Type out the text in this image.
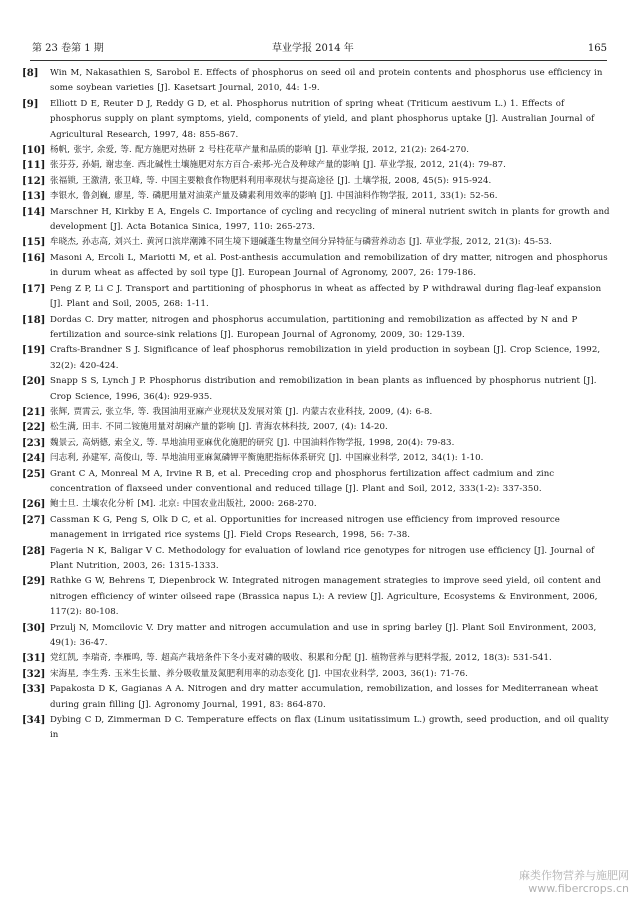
第 23 卷第 1 期	草业学报 2014 年	165
[8]	Win M, Nakasathien S, Sarobol E. Effects of phosphorus on seed oil and protein contents and phosphorus use efficiency in some soybean varieties [J]. Kasetsart Journal, 2010, 44: 1-9.
[9]	Elliott D E, Reuter D J, Reddy G D, et al. Phosphorus nutrition of spring wheat (Triticum aestivum L.) 1. Effects of phosphorus supply on plant symptoms, yield, components of yield, and plant phosphorus uptake [J]. Australian Journal of Agricultural Research, 1997, 48: 855-867.
[10] 杨帆, 张宇, 余爱, 等. 配方施肥对热研 2 号柱花草产量和品质的影响 [J]. 草业学报, 2012, 21(2): 264-270.
[11] 张芬芬, 孙娟, 谢忠奎. 西北碱性土壤施肥对东方百合-索邦-光合及种球产量的影响 [J]. 草业学报, 2012, 21(4): 79-87.
[12] 张福锁, 王激清, 张卫峰, 等. 中国主要粮食作物肥料利用率现状与提高途径 [J]. 土壤学报, 2008, 45(5): 915-924.
[13] 李银水, 鲁剑巍, 廖星, 等. 磷肥用量对油菜产量及磷素利用效率的影响 [J]. 中国油料作物学报, 2011, 33(1): 52-56.
[14] Marschner H, Kirkby E A, Engels C. Importance of cycling and recycling of mineral nutrient switch in plants for growth and development [J]. Acta Botanica Sinica, 1997, 110: 265-273.
[15] 牟晓杰, 孙志高, 刘兴土. 黄河口滨岸潮滩不同生境下翅碱蓬生物量空间分异特征与磷营养动态 [J]. 草业学报, 2012, 21(3): 45-53.
[16] Masoni A, Ercoli L, Mariotti M, et al. Post-anthesis accumulation and remobilization of dry matter, nitrogen and phosphorus in durum wheat as affected by soil type [J]. European Journal of Agronomy, 2007, 26: 179-186.
[17] Peng Z P, Li C J. Transport and partitioning of phosphorus in wheat as affected by P withdrawal during flag-leaf expansion [J]. Plant and Soil, 2005, 268: 1-11.
[18] Dordas C. Dry matter, nitrogen and phosphorus accumulation, partitioning and remobilization as affected by N and P fertilization and source-sink relations [J]. European Journal of Agronomy, 2009, 30: 129-139.
[19] Crafts-Brandner S J. Significance of leaf phosphorus remobilization in yield production in soybean [J]. Crop Science, 1992, 32(2): 420-424.
[20] Snapp S S, Lynch J P. Phosphorus distribution and remobilization in bean plants as influenced by phosphorus nutrient [J]. Crop Science, 1996, 36(4): 929-935.
[21] 张辉, 贾霄云, 张立华, 等. 我国油用亚麻产业现状及发展对策 [J]. 内蒙古农业科技, 2009, (4): 6-8.
[22] 松生满, 田丰. 不同二铵施用量对胡麻产量的影响 [J]. 青海农林科技, 2007, (4): 14-20.
[23] 魏景云, 高炳德, 索全义, 等. 旱地油用亚麻优化施肥的研究 [J]. 中国油料作物学报, 1998, 20(4): 79-83.
[24] 闫志利, 孙建军, 高俊山, 等. 旱地油用亚麻氮磷钾平衡施肥指标体系研究 [J]. 中国麻业科学, 2012, 34(1): 1-10.
[25] Grant C A, Monreal M A, Irvine R B, et al. Preceding crop and phosphorus fertilization affect cadmium and zinc concentration of flaxseed under conventional and reduced tillage [J]. Plant and Soil, 2012, 333(1-2): 337-350.
[26] 鲍士旦. 土壤农化分析 [M]. 北京: 中国农业出版社, 2000: 268-270.
[27] Cassman K G, Peng S, Olk D C, et al. Opportunities for increased nitrogen use efficiency from improved resource management in irrigated rice systems [J]. Field Crops Research, 1998, 56: 7-38.
[28] Fageria N K, Baligar V C. Methodology for evaluation of lowland rice genotypes for nitrogen use efficiency [J]. Journal of Plant Nutrition, 2003, 26: 1315-1333.
[29] Rathke G W, Behrens T, Diepenbrock W. Integrated nitrogen management strategies to improve seed yield, oil content and nitrogen efficiency of winter oilseed rape (Brassica napus L): A review [J]. Agriculture, Ecosystems & Environment, 2006, 117(2): 80-108.
[30] Przulj N, Momcilovic V. Dry matter and nitrogen accumulation and use in spring barley [J]. Plant Soil Environment, 2003, 49(1): 36-47.
[31] 党红凯, 李瑞奇, 李雁鸣, 等. 超高产栽培条件下冬小麦对磷的吸收、积累和分配 [J]. 植物营养与肥料学报, 2012, 18(3): 531-541.
[32] 宋海星, 李生秀. 玉米生长量、养分吸收量及氮肥利用率的动态变化 [J]. 中国农业科学, 2003, 36(1): 71-76.
[33] Papakosta D K, Gagianas A A. Nitrogen and dry matter accumulation, remobilization, and losses for Mediterranean wheat during grain filling [J]. Agronomy Journal, 1991, 83: 864-870.
[34] Dybing C D, Zimmerman D C. Temperature effects on flax (Linum usitatissimum L.) growth, seed production, and oil quality in
麻类作物营养与施肥网
www.fibercrops.cn
